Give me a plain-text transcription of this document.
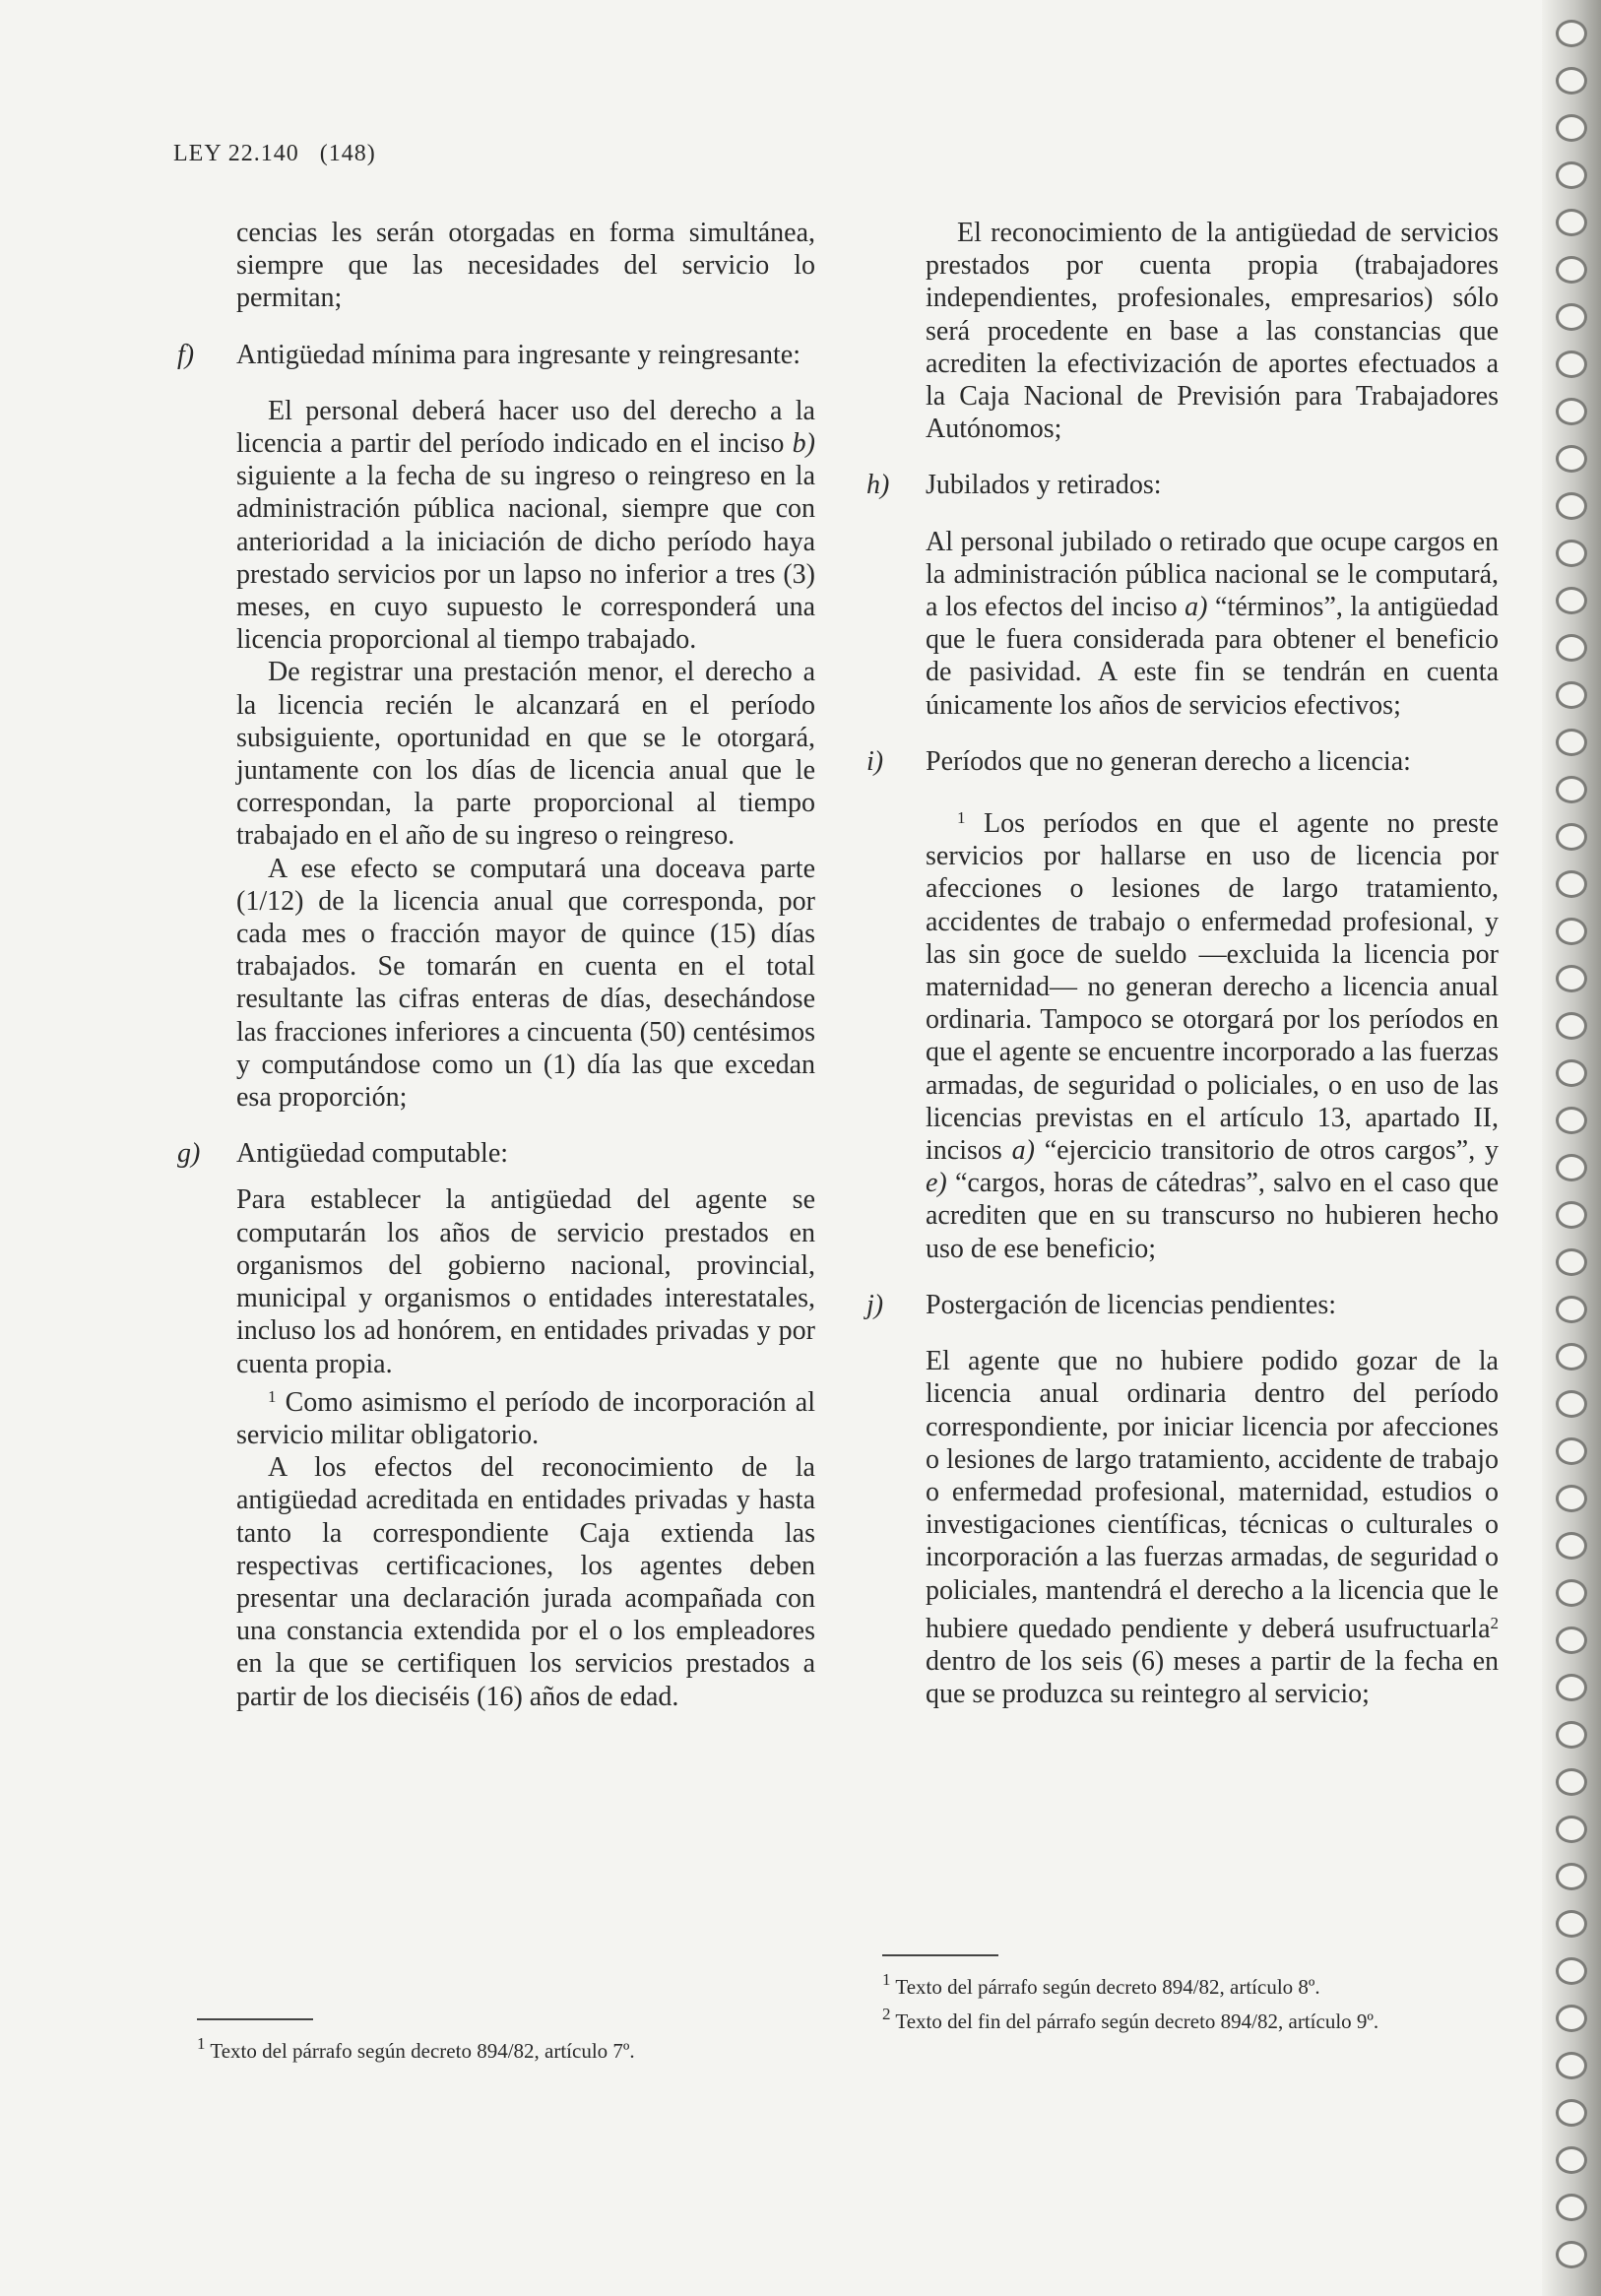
LEY 22.140 (148)

cencias les serán otorgadas en forma simultánea, siempre que las necesidades del servicio lo permitan;

f) Antigüedad mínima para ingresante y reingresante:

El personal deberá hacer uso del derecho a la licencia a partir del período indicado en el inciso b) siguiente a la fecha de su ingreso o reingreso en la administración pública nacional, siempre que con anterioridad a la iniciación de dicho período haya prestado servicios por un lapso no inferior a tres (3) meses, en cuyo supuesto le corresponderá una licencia proporcional al tiempo trabajado.

De registrar una prestación menor, el derecho a la licencia recién le alcanzará en el período subsiguiente, oportunidad en que se le otorgará, juntamente con los días de licencia anual que le correspondan, la parte proporcional al tiempo trabajado en el año de su ingreso o reingreso.

A ese efecto se computará una doceava parte (1/12) de la licencia anual que corresponda, por cada mes o fracción mayor de quince (15) días trabajados. Se tomarán en cuenta en el total resultante las cifras enteras de días, desechándose las fracciones inferiores a cincuenta (50) centésimos y computándose como un (1) día las que excedan esa proporción;

g) Antigüedad computable:

Para establecer la antigüedad del agente se computarán los años de servicio prestados en organismos del gobierno nacional, provincial, municipal y organismos o entidades interestatales, incluso los ad honórem, en entidades privadas y por cuenta propia.

$^1$ Como asimismo el período de incorporación al servicio militar obligatorio.

A los efectos del reconocimiento de la antigüedad acreditada en entidades privadas y hasta tanto la correspondiente Caja extienda las respectivas certificaciones, los agentes deben presentar una declaración jurada acompañada con una constancia extendida por el o los empleadores en la que se certifiquen los servicios prestados a partir de los dieciséis (16) años de edad.

$^1$ Texto del párrafo según decreto 894/82, artículo 7º.

El reconocimiento de la antigüedad de servicios prestados por cuenta propia (trabajadores independientes, profesionales, empresarios) sólo será procedente en base a las constancias que acrediten la efectivización de aportes efectuados a la Caja Nacional de Previsión para Trabajadores Autónomos;

h) Jubilados y retirados:

Al personal jubilado o retirado que ocupe cargos en la administración pública nacional se le computará, a los efectos del inciso a) “términos”, la antigüedad que le fuera considerada para obtener el beneficio de pasividad. A este fin se tendrán en cuenta únicamente los años de servicios efectivos;

i) Períodos que no generan derecho a licencia:

$^1$ Los períodos en que el agente no preste servicios por hallarse en uso de licencia por afecciones o lesiones de largo tratamiento, accidentes de trabajo o enfermedad profesional, y las sin goce de sueldo —excluida la licencia por maternidad— no generan derecho a licencia anual ordinaria. Tampoco se otorgará por los períodos en que el agente se encuentre incorporado a las fuerzas armadas, de seguridad o policiales, o en uso de las licencias previstas en el artículo 13, apartado II, incisos a) “ejercicio transitorio de otros cargos”, y e) “cargos, horas de cátedras”, salvo en el caso que acrediten que en su transcurso no hubieren hecho uso de ese beneficio;

j) Postergación de licencias pendientes:

El agente que no hubiere podido gozar de la licencia anual ordinaria dentro del período correspondiente, por iniciar licencia por afecciones o lesiones de largo tratamiento, accidente de trabajo o enfermedad profesional, maternidad, estudios o investigaciones científicas, técnicas o culturales o incorporación a las fuerzas armadas, de seguridad o policiales, mantendrá el derecho a la licencia que le hubiere quedado pendiente y deberá usufructuarla$^2$ dentro de los seis (6) meses a partir de la fecha en que se produzca su reintegro al servicio;

$^1$ Texto del párrafo según decreto 894/82, artículo 8º.

$^2$ Texto del fin del párrafo según decreto 894/82, artículo 9º.
